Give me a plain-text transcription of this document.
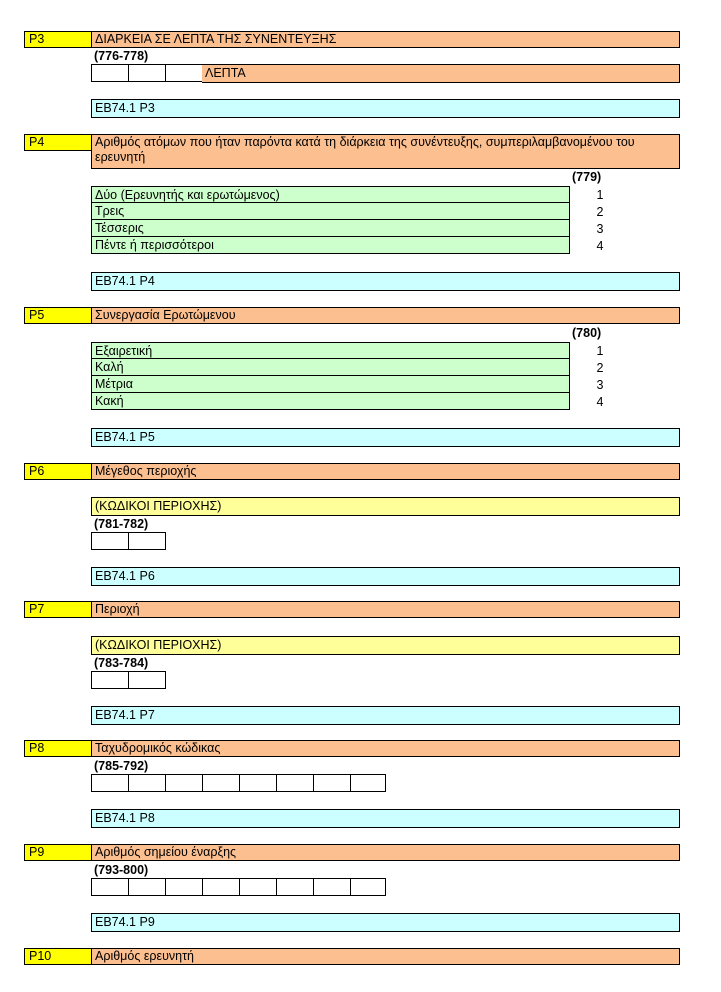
P3	ΔΙΑΡΚΕΙΑ ΣΕ ΛΕΠΤΑ ΤΗΣ ΣΥΝΕΝΤΕΥΞΗΣ
(776-778)
ΛΕΠΤΑ
EB74.1 P3
P4	Αριθμός ατόμων που ήταν παρόντα κατά τη διάρκεια της συνέντευξης, συμπεριλαμβανομένου του ερευνητή
(779)
Δύο (Ερευνητής και ερωτώμενος)	1
Τρεις	2
Τέσσερις	3
Πέντε ή περισσότεροι	4
EB74.1 P4
P5	Συνεργασία Ερωτώμενου
(780)
Εξαιρετική	1
Καλή	2
Μέτρια	3
Κακή	4
EB74.1 P5
P6	Μέγεθος περιοχής
(ΚΩΔΙΚΟΙ ΠΕΡΙΟΧΗΣ)
(781-782)
EB74.1 P6
P7	Περιοχή
(ΚΩΔΙΚΟΙ ΠΕΡΙΟΧΗΣ)
(783-784)
EB74.1 P7
P8	Ταχυδρομικός κώδικας
(785-792)
EB74.1 P8
P9	Αριθμός σημείου έναρξης
(793-800)
EB74.1 P9
P10	Αριθμός ερευνητή
